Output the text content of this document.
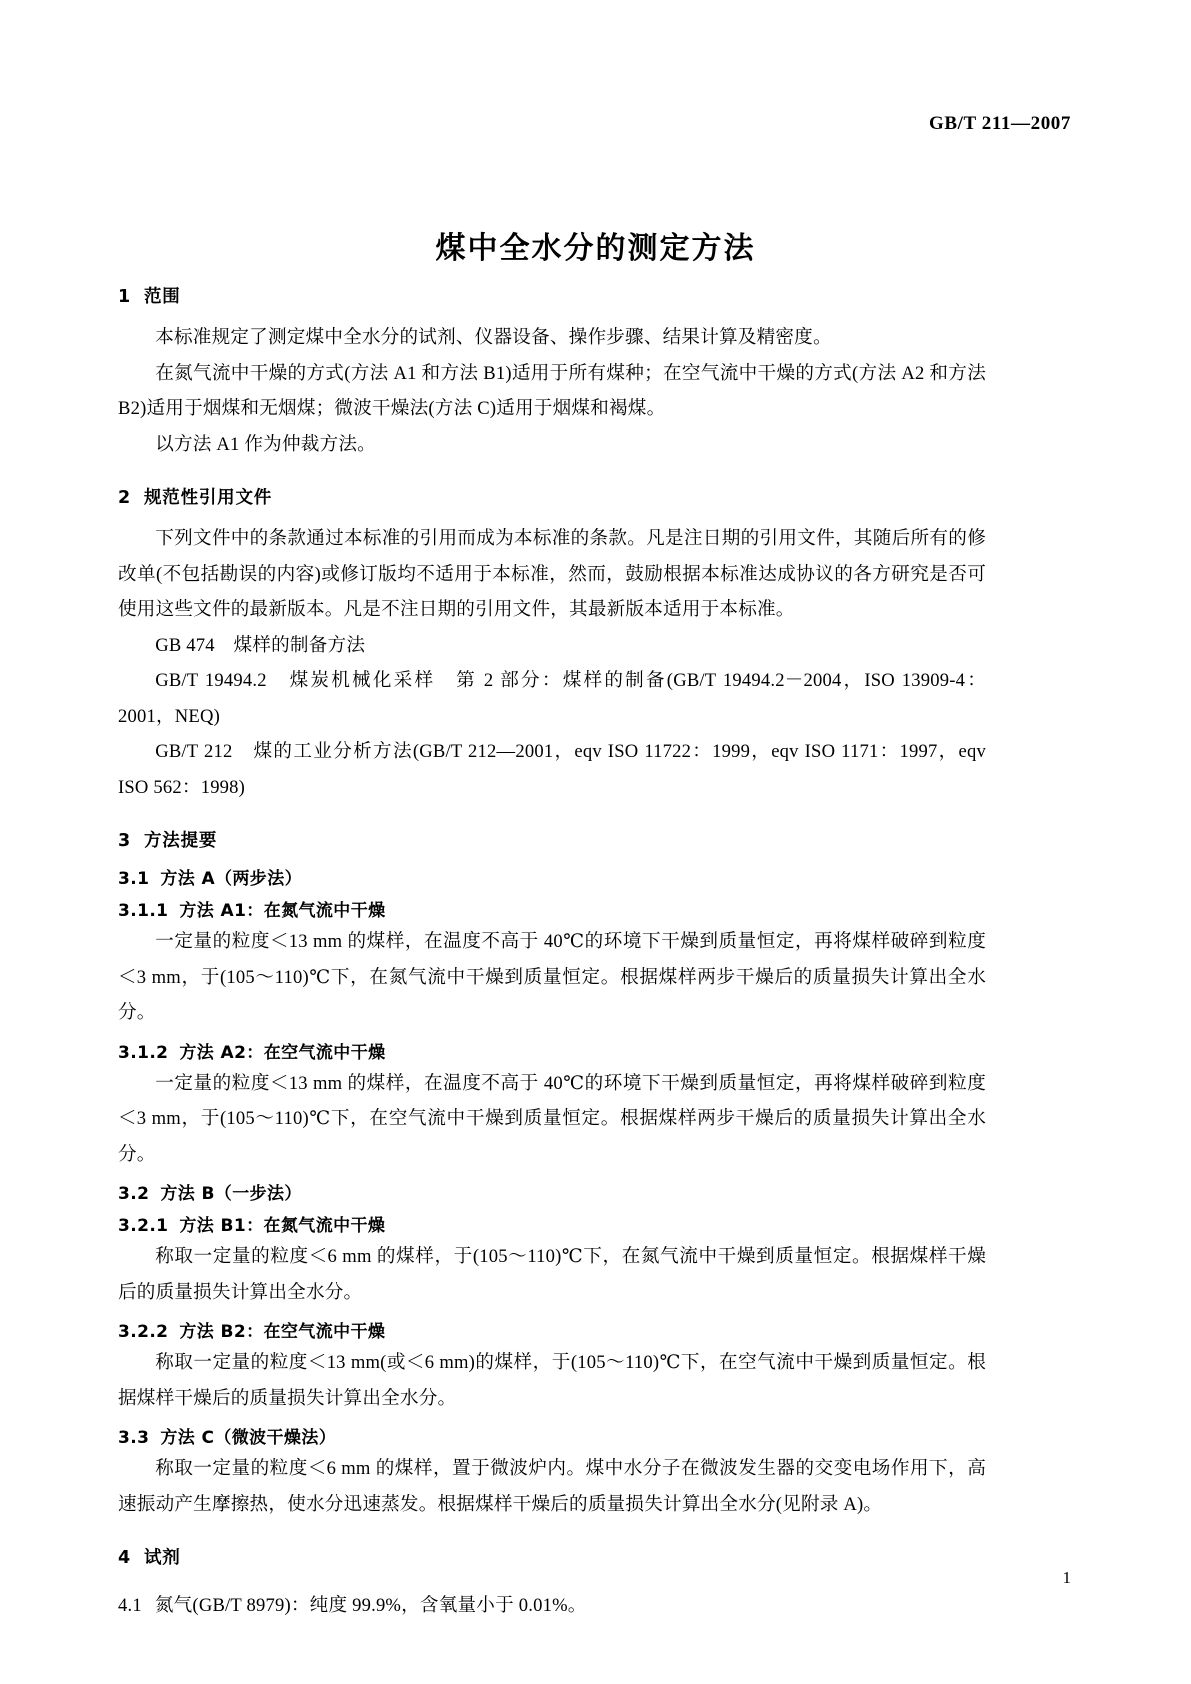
GB/T 211—2007
煤中全水分的测定方法
1 范围

本标准规定了测定煤中全水分的试剂、仪器设备、操作步骤、结果计算及精密度。

在氮气流中干燥的方式(方法 A1 和方法 B1)适用于所有煤种；在空气流中干燥的方式(方法 A2 和方法 B2)适用于烟煤和无烟煤；微波干燥法(方法 C)适用于烟煤和褐煤。

以方法 A1 作为仲裁方法。

2 规范性引用文件

下列文件中的条款通过本标准的引用而成为本标准的条款。凡是注日期的引用文件，其随后所有的修改单(不包括勘误的内容)或修订版均不适用于本标准，然而，鼓励根据本标准达成协议的各方研究是否可使用这些文件的最新版本。凡是不注日期的引用文件，其最新版本适用于本标准。

GB 474　煤样的制备方法

GB/T 19494.2　煤炭机械化采样　第 2 部分：煤样的制备(GB/T 19494.2－2004，ISO 13909-4：2001，NEQ)

GB/T 212　煤的工业分析方法(GB/T 212—2001，eqv ISO 11722：1999，eqv ISO 1171：1997，eqv ISO 562：1998)

3 方法提要
3.1 方法 A（两步法）
3.1.1 方法 A1：在氮气流中干燥

一定量的粒度＜13 mm 的煤样，在温度不高于 40℃的环境下干燥到质量恒定，再将煤样破碎到粒度＜3 mm，于(105～110)℃下，在氮气流中干燥到质量恒定。根据煤样两步干燥后的质量损失计算出全水分。

3.1.2 方法 A2：在空气流中干燥

一定量的粒度＜13 mm 的煤样，在温度不高于 40℃的环境下干燥到质量恒定，再将煤样破碎到粒度＜3 mm，于(105～110)℃下，在空气流中干燥到质量恒定。根据煤样两步干燥后的质量损失计算出全水分。

3.2 方法 B（一步法）
3.2.1 方法 B1：在氮气流中干燥

称取一定量的粒度＜6 mm 的煤样，于(105～110)℃下，在氮气流中干燥到质量恒定。根据煤样干燥后的质量损失计算出全水分。

3.2.2 方法 B2：在空气流中干燥

称取一定量的粒度＜13 mm(或＜6 mm)的煤样，于(105～110)℃下，在空气流中干燥到质量恒定。根据煤样干燥后的质量损失计算出全水分。

3.3 方法 C（微波干燥法）

称取一定量的粒度＜6 mm 的煤样，置于微波炉内。煤中水分子在微波发生器的交变电场作用下，高速振动产生摩擦热，使水分迅速蒸发。根据煤样干燥后的质量损失计算出全水分(见附录 A)。

4 试剂

4.1 氮气(GB/T 8979)：纯度 99.9%，含氧量小于 0.01%。

1
